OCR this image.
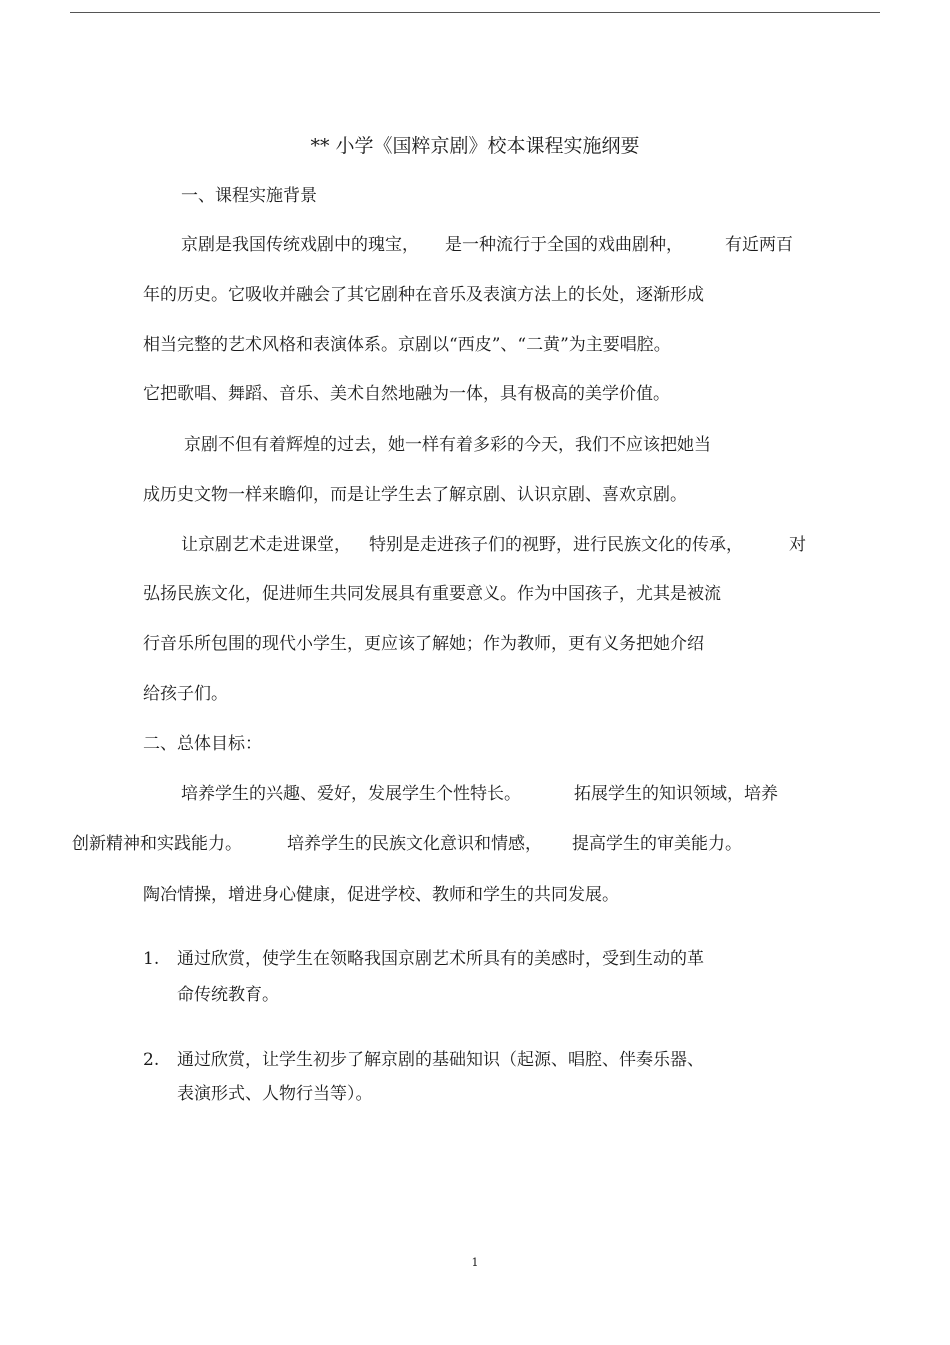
** 小学《国粹京剧》校本课程实施纲要
一、课程实施背景
京剧是我国传统戏剧中的瑰宝， 是一种流行于全国的戏曲剧种， 有近两百
年的历史。它吸收并融会了其它剧种在音乐及表演方法上的长处，逐渐形成
相当完整的艺术风格和表演体系。京剧以“西皮”、“二黄”为主要唱腔。
它把歌唱、舞蹈、音乐、美术自然地融为一体，具有极高的美学价值。
京剧不但有着辉煌的过去，她一样有着多彩的今天，我们不应该把她当
成历史文物一样来瞻仰，而是让学生去了解京剧、认识京剧、喜欢京剧。
让京剧艺术走进课堂， 特别是走进孩子们的视野，进行民族文化的传承，	对
弘扬民族文化，促进师生共同发展具有重要意义。作为中国孩子，尤其是被流
行音乐所包围的现代小学生，更应该了解她；作为教师，更有义务把她介绍
给孩子们。
二、总体目标：
培养学生的兴趣、爱好，发展学生个性特长。	拓展学生的知识领域，培养
创新精神和实践能力。	培养学生的民族文化意识和情感， 提高学生的审美能力。
陶冶情操，增进身心健康，促进学校、教师和学生的共同发展。
1. 通过欣赏，使学生在领略我国京剧艺术所具有的美感时，受到生动的革
命传统教育。
2. 通过欣赏，让学生初步了解京剧的基础知识（起源、唱腔、伴奏乐器、
表演形式、人物行当等）。
1
